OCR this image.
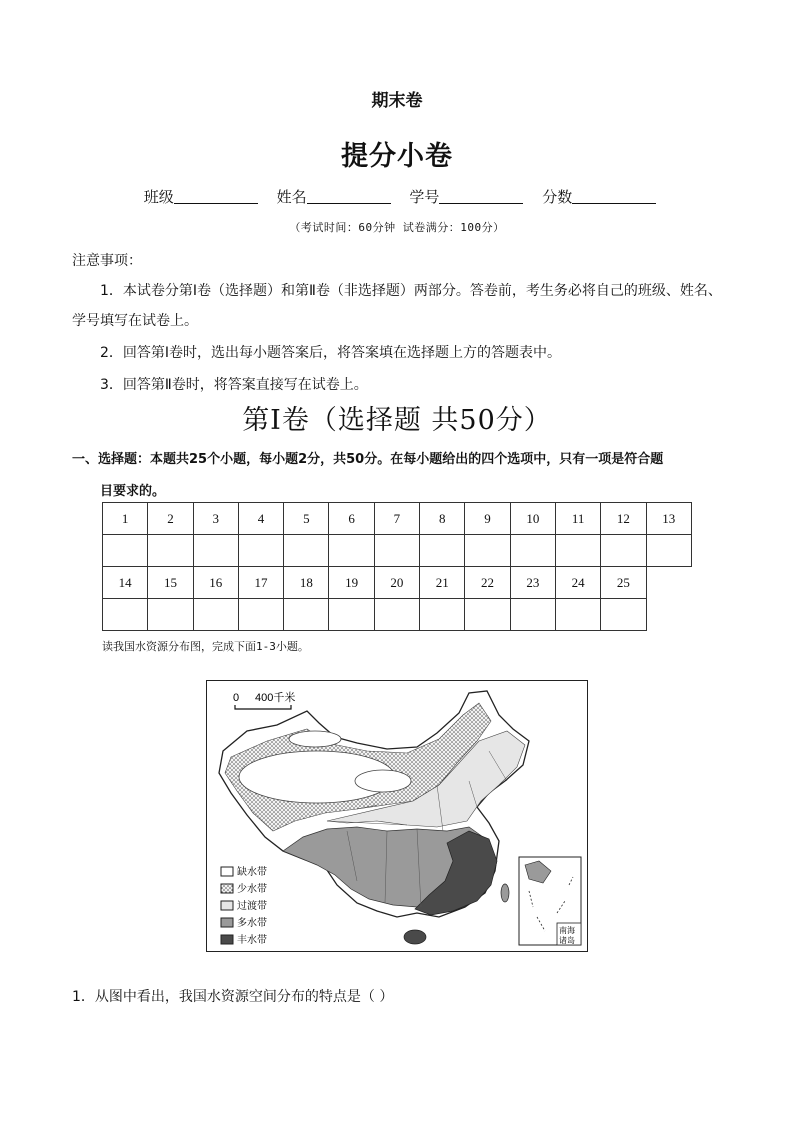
期末卷
提分小卷
班级	姓名	学号	分数
（考试时间：60分钟 试卷满分：100分）
注意事项：
1．本试卷分第Ⅰ卷（选择题）和第Ⅱ卷（非选择题）两部分。答卷前，考生务必将自己的班级、姓名、学号填写在试卷上。
2．回答第Ⅰ卷时，选出每小题答案后，将答案填在选择题上方的答题表中。
3．回答第Ⅱ卷时，将答案直接写在试卷上。
第Ⅰ卷（选择题 共50分）
一、选择题：本题共25个小题，每小题2分，共50分。在每小题给出的四个选项中，只有一项是符合题
目要求的。
1	2	3	4	5	6	7	8	9	10	11	12	13

14	15	16	17	18	19	20	21	22	23	24	25

读我国水资源分布图，完成下面1-3小题。
0 400千米
缺水带
少水带
过渡带
多水带
丰水带
南海
诸岛
1．从图中看出，我国水资源空间分布的特点是（ ）
